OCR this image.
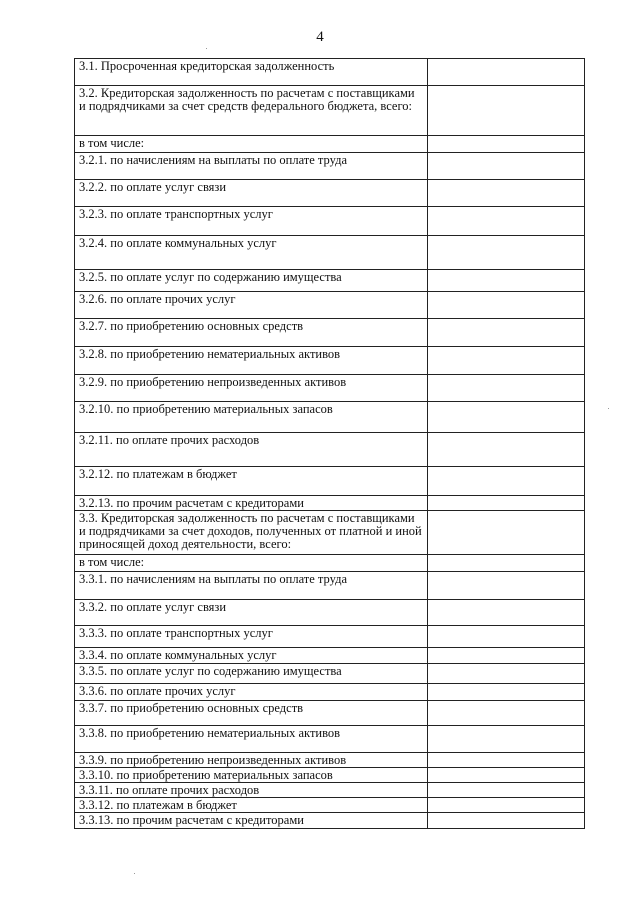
4
3.1. Просроченная кредиторская задолженность	
3.2. Кредиторская задолженность по расчетам с поставщиками и подрядчиками за счет средств федерального бюджета, всего:	
в том числе:	
3.2.1. по начислениям на выплаты по оплате труда	
3.2.2. по оплате услуг связи	
3.2.3. по оплате транспортных услуг	
3.2.4. по оплате коммунальных услуг	
3.2.5. по оплате услуг по содержанию имущества	
3.2.6. по оплате прочих услуг	
3.2.7. по приобретению основных средств	
3.2.8. по приобретению нематериальных активов	
3.2.9. по приобретению непроизведенных активов	
3.2.10. по приобретению материальных запасов	
3.2.11. по оплате прочих расходов	
3.2.12. по платежам в бюджет	
3.2.13. по прочим расчетам с кредиторами	
3.3. Кредиторская задолженность по расчетам с поставщиками и подрядчиками за счет доходов, полученных от платной и иной приносящей доход деятельности, всего:	
в том числе:	
3.3.1. по начислениям на выплаты по оплате труда	
3.3.2. по оплате услуг связи	
3.3.3. по оплате транспортных услуг	
3.3.4. по оплате коммунальных услуг	
3.3.5. по оплате услуг по содержанию имущества	
3.3.6. по оплате прочих услуг	
3.3.7. по приобретению основных средств	
3.3.8. по приобретению нематериальных активов	
3.3.9. по приобретению непроизведенных активов	
3.3.10. по приобретению материальных запасов	
3.3.11. по оплате прочих расходов	
3.3.12. по платежам в бюджет	
3.3.13. по прочим расчетам с кредиторами	
